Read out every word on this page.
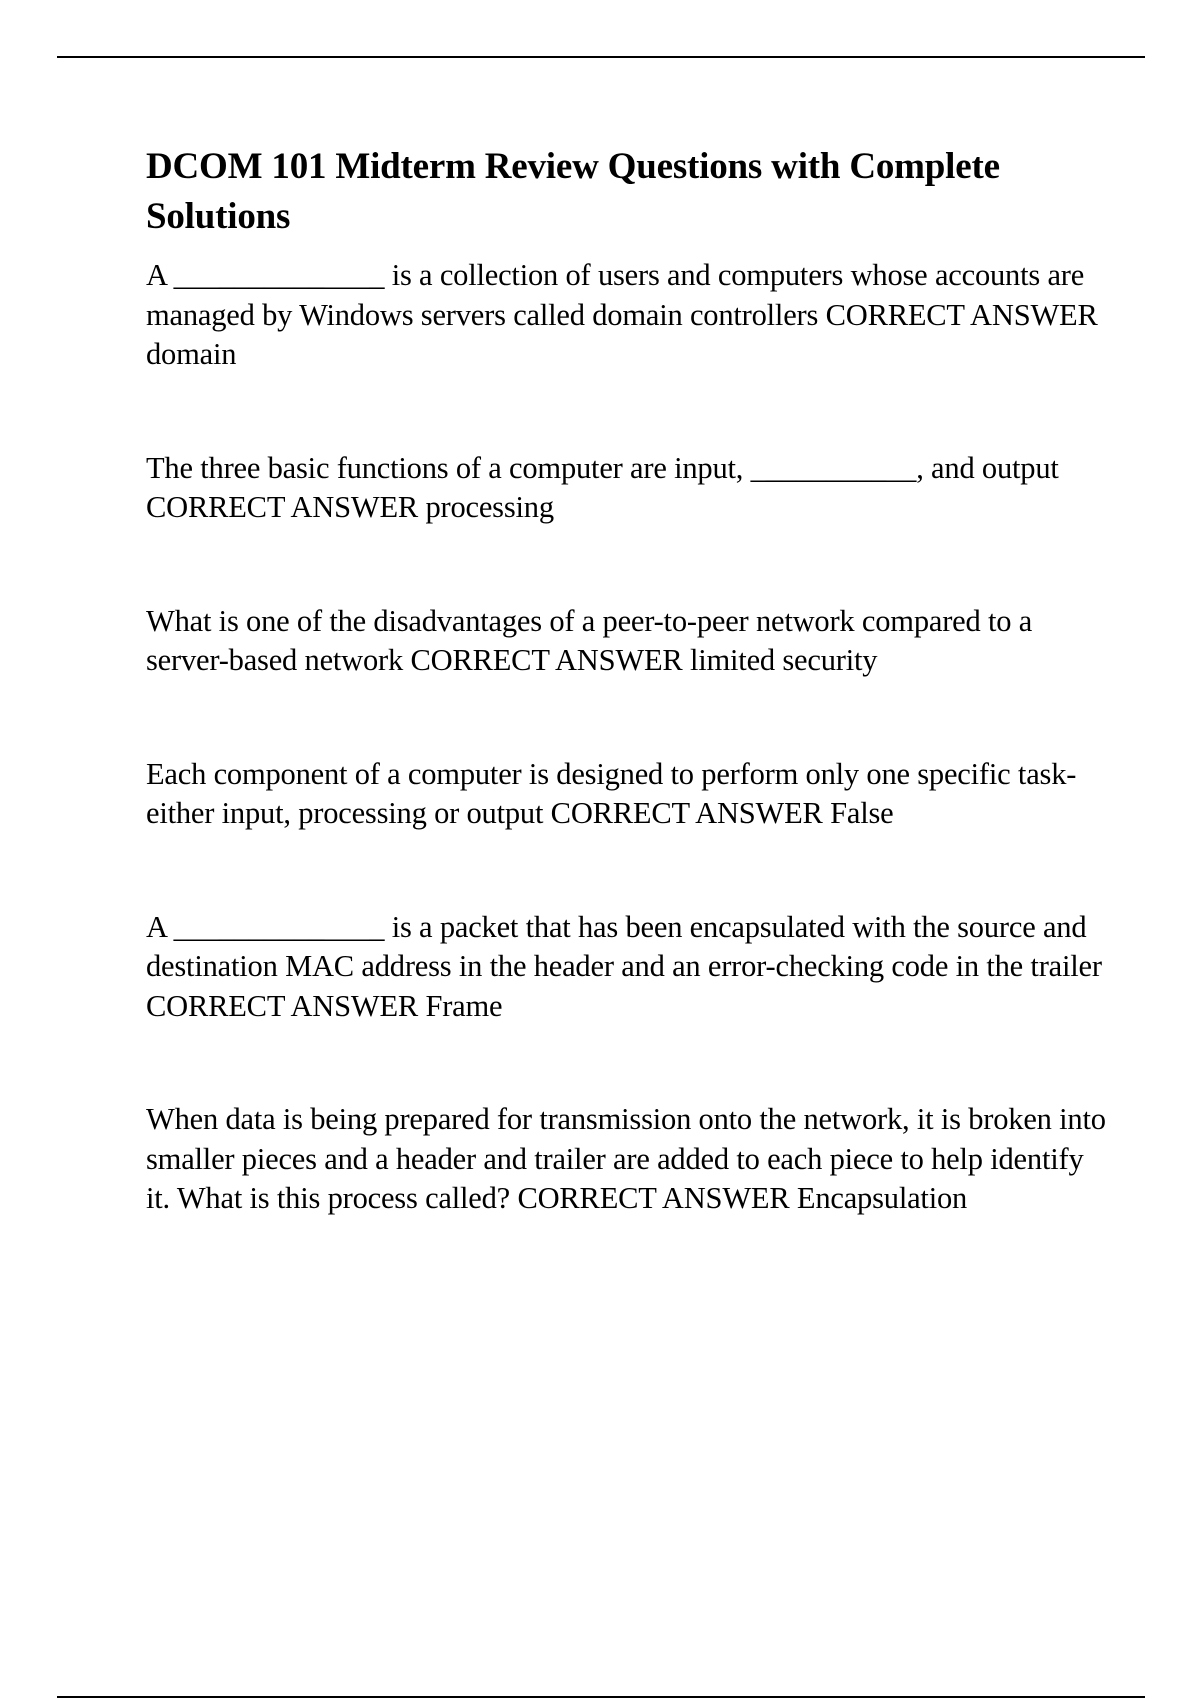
DCOM 101 Midterm Review Questions with Complete Solutions

A ______________ is a collection of users and computers whose accounts are managed by Windows servers called domain controllers CORRECT ANSWER domain

The three basic functions of a computer are input, ___________, and output CORRECT ANSWER processing

What is one of the disadvantages of a peer-to-peer network compared to a server-based network CORRECT ANSWER limited security

Each component of a computer is designed to perform only one specific task-either input, processing or output CORRECT ANSWER False

A ______________ is a packet that has been encapsulated with the source and destination MAC address in the header and an error-checking code in the trailer CORRECT ANSWER Frame

When data is being prepared for transmission onto the network, it is broken into smaller pieces and a header and trailer are added to each piece to help identify it. What is this process called? CORRECT ANSWER Encapsulation
